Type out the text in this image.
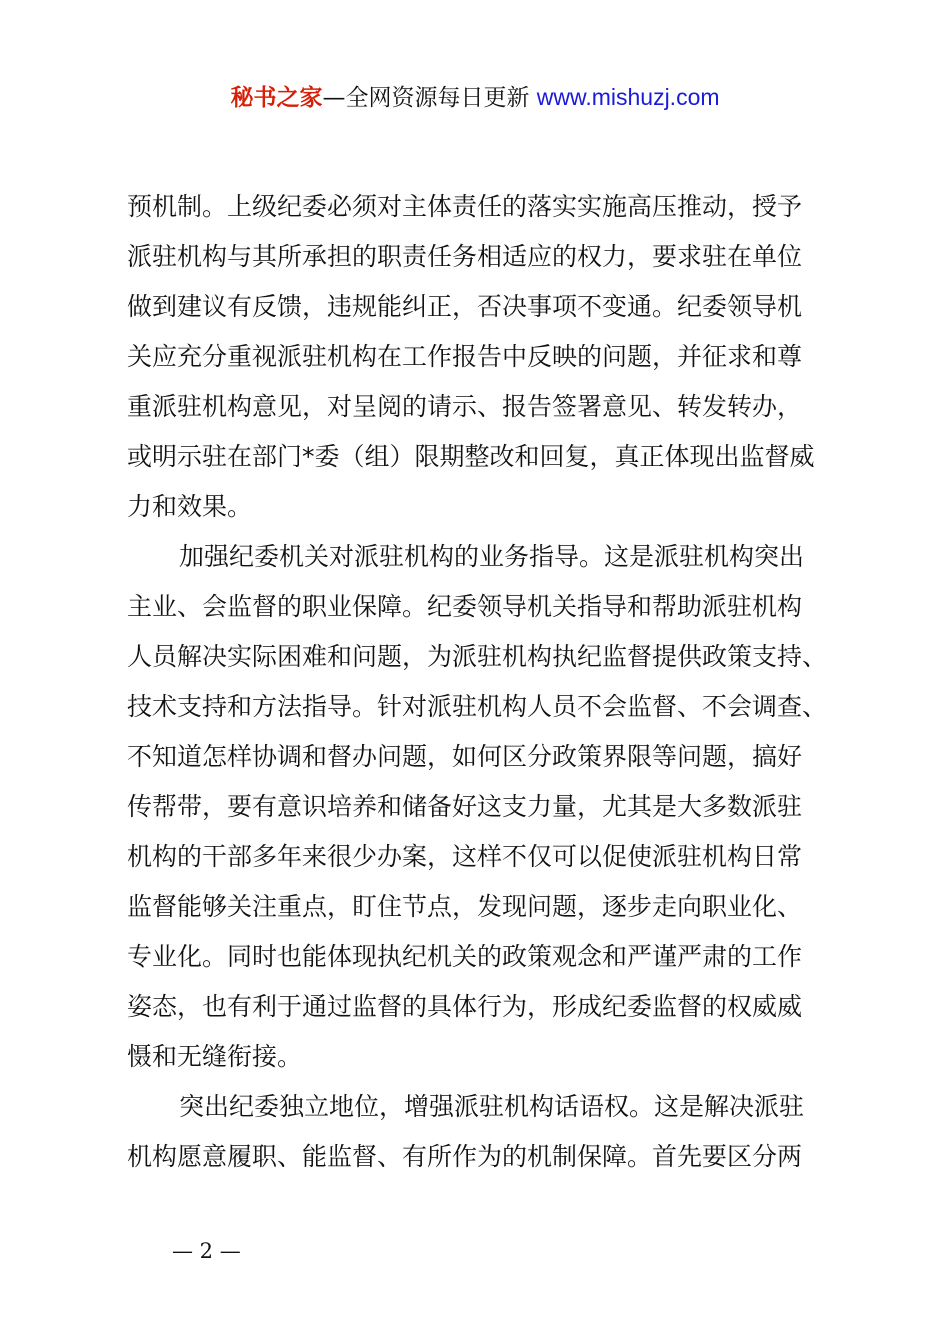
秘书之家—全网资源每日更新 www.mishuzj.com
预机制。上级纪委必须对主体责任的落实实施高压推动，授予
派驻机构与其所承担的职责任务相适应的权力，要求驻在单位
做到建议有反馈，违规能纠正，否决事项不变通。纪委领导机
关应充分重视派驻机构在工作报告中反映的问题，并征求和尊
重派驻机构意见，对呈阅的请示、报告签署意见、转发转办，
或明示驻在部门*委（组）限期整改和回复，真正体现出监督威
力和效果。
加强纪委机关对派驻机构的业务指导。这是派驻机构突出
主业、会监督的职业保障。纪委领导机关指导和帮助派驻机构
人员解决实际困难和问题，为派驻机构执纪监督提供政策支持、
技术支持和方法指导。针对派驻机构人员不会监督、不会调查、
不知道怎样协调和督办问题，如何区分政策界限等问题，搞好
传帮带，要有意识培养和储备好这支力量，尤其是大多数派驻
机构的干部多年来很少办案，这样不仅可以促使派驻机构日常
监督能够关注重点，盯住节点，发现问题，逐步走向职业化、
专业化。同时也能体现执纪机关的政策观念和严谨严肃的工作
姿态，也有利于通过监督的具体行为，形成纪委监督的权威威
慑和无缝衔接。
突出纪委独立地位，增强派驻机构话语权。这是解决派驻
机构愿意履职、能监督、有所作为的机制保障。首先要区分两
— 2 —
